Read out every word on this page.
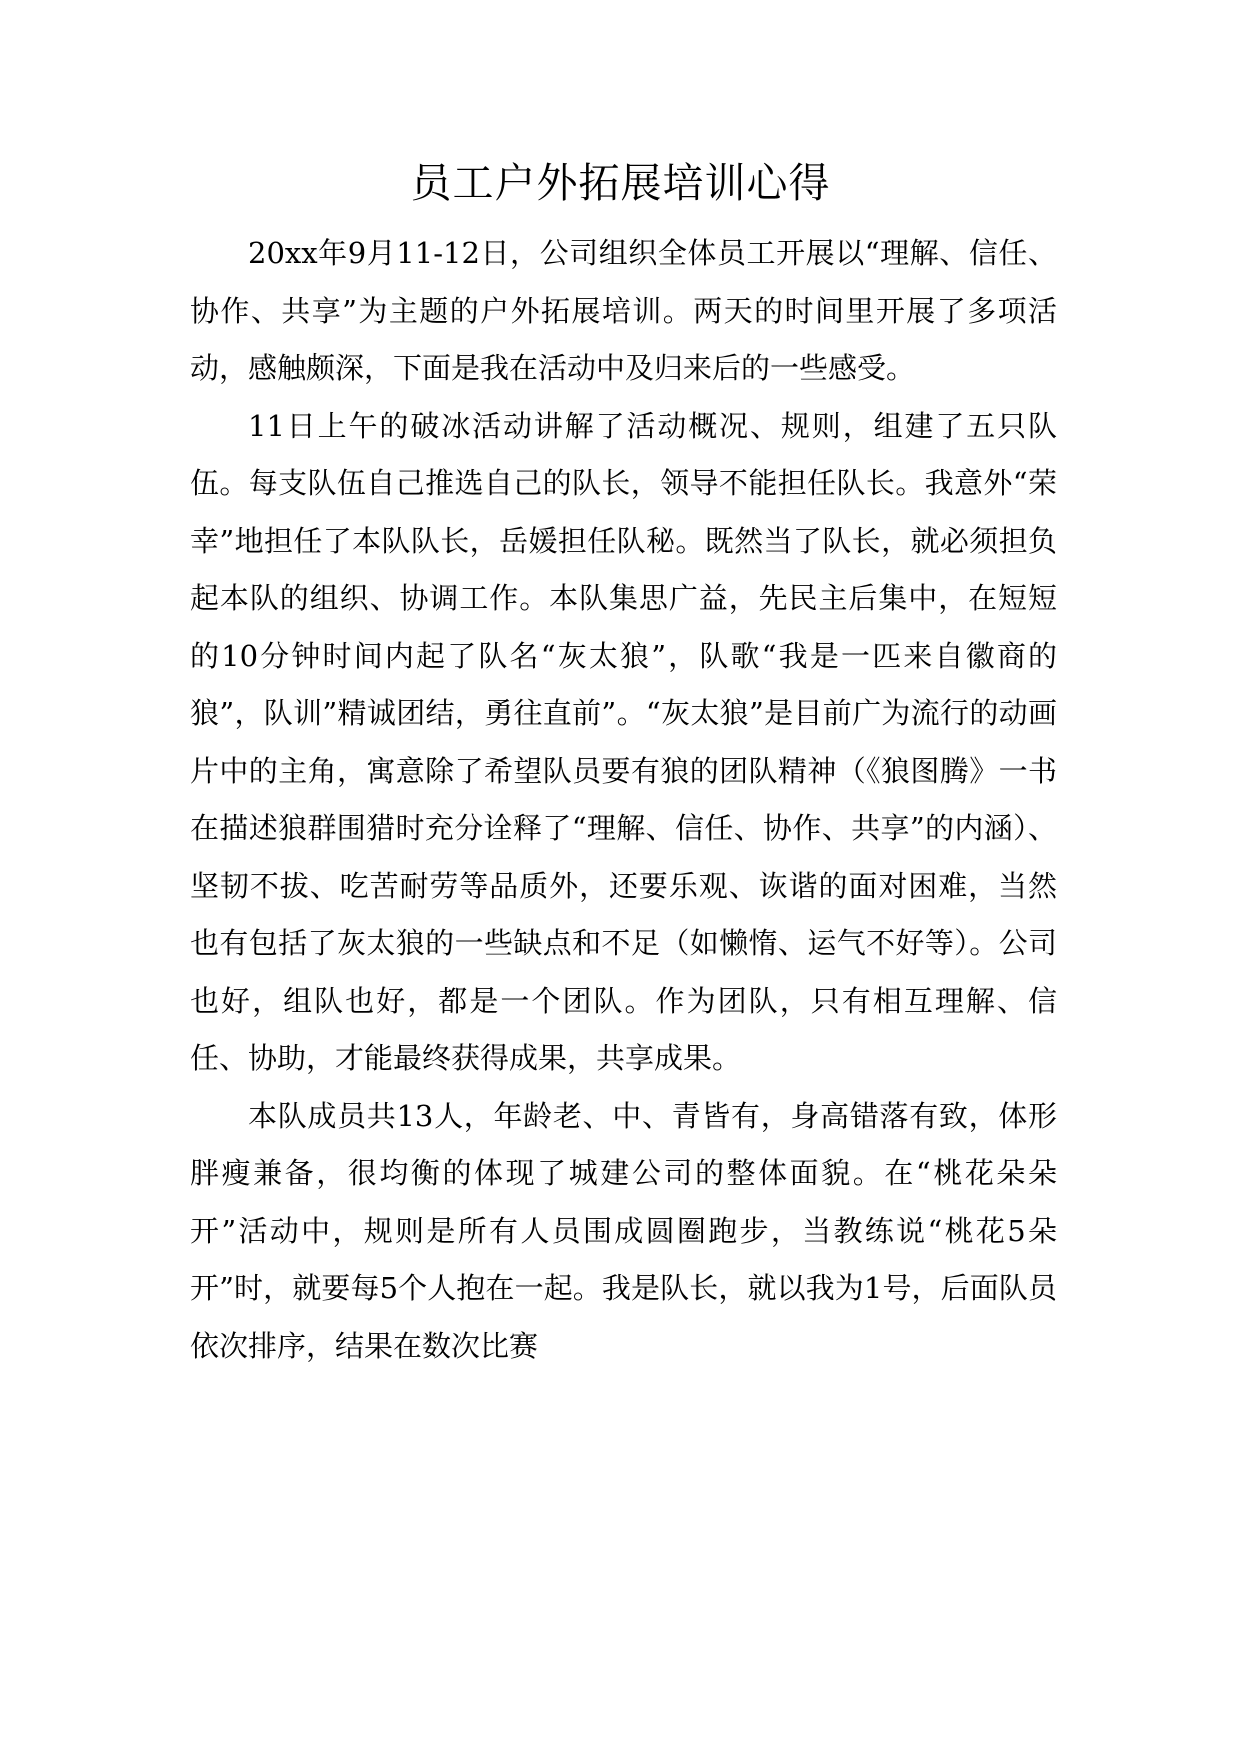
员工户外拓展培训心得

20xx年9月11-12日，公司组织全体员工开展以“理解、信任、协作、共享”为主题的户外拓展培训。两天的时间里开展了多项活动，感触颇深，下面是我在活动中及归来后的一些感受。

11日上午的破冰活动讲解了活动概况、规则，组建了五只队伍。每支队伍自己推选自己的队长，领导不能担任队长。我意外“荣幸”地担任了本队队长，岳媛担任队秘。既然当了队长，就必须担负起本队的组织、协调工作。本队集思广益，先民主后集中，在短短的10分钟时间内起了队名“灰太狼”，队歌“我是一匹来自徽商的狼”，队训”精诚团结，勇往直前”。“灰太狼”是目前广为流行的动画片中的主角，寓意除了希望队员要有狼的团队精神（《狼图腾》一书在描述狼群围猎时充分诠释了“理解、信任、协作、共享”的内涵）、坚韧不拔、吃苦耐劳等品质外，还要乐观、诙谐的面对困难，当然也有包括了灰太狼的一些缺点和不足（如懒惰、运气不好等）。公司也好，组队也好，都是一个团队。作为团队，只有相互理解、信任、协助，才能最终获得成果，共享成果。

本队成员共13人，年龄老、中、青皆有，身高错落有致，体形胖瘦兼备，很均衡的体现了城建公司的整体面貌。在“桃花朵朵开”活动中，规则是所有人员围成圆圈跑步，当教练说“桃花5朵开”时，就要每5个人抱在一起。我是队长，就以我为1号，后面队员依次排序，结果在数次比赛
